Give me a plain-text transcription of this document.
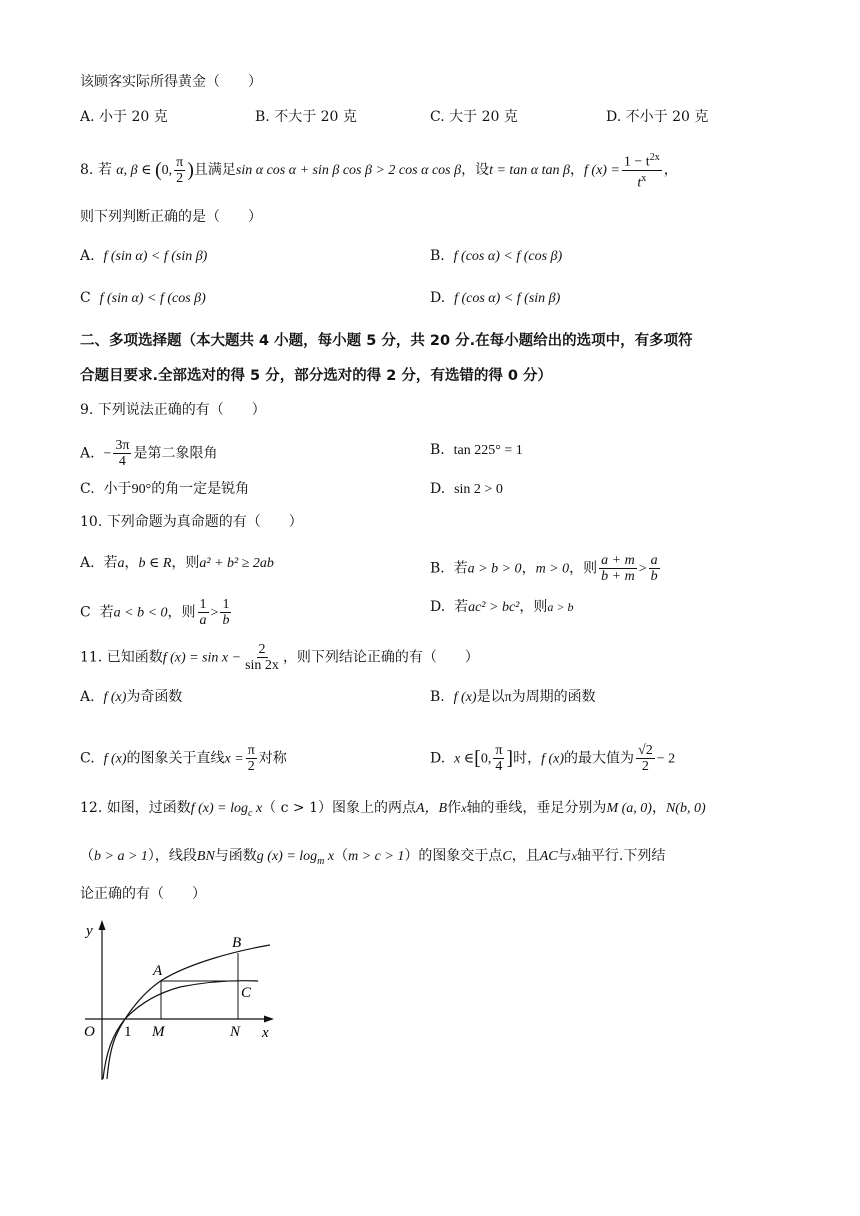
该顾客实际所得黄金（　　）
A. 小于 20 克	B. 不大于 20 克	C. 大于 20 克	D. 不小于 20 克
8. 若 α, β ∈ (0, $\frac{\pi}{2}$ )且满足sin α cos α + sin β cos β > 2 cos α cos β，设t = tan α tan β，f $(x) = \frac{1 - t^{2x}}{t^x}$ ，
则下列判断正确的是（　　）
A. f (sin α) < f (sin β)	B. f (cos α) < f (cos β)
C f (sin α) < f (cos β)	D. f (cos α) < f (sin β)
二、多项选择题（本大题共 4 小题，每小题 5 分，共 20 分.在每小题给出的选项中，有多项符
合题目要求.全部选对的得 5 分，部分选对的得 2 分，有选错的得 0 分）
9. 下列说法正确的有（　　）
A. − $\frac{3\pi}{4}$ 是第二象限角	B. tan 225° = 1
C. 小于90°的角一定是锐角	D. sin 2 > 0
10. 下列命题为真命题的有（　　）
A. 若a，b ∈ R，则a² + b² ≥ 2ab	B. 若a > b > 0，m > 0，则 $\frac{a + m}{b + m} > \frac{a}{b}$
C 若a < b < 0，则 $\frac{1}{a} > \frac{1}{b}$	D. 若ac² > bc²，则a > b
11. 已知函数f $(x) = \sin x - \frac{2}{\sin 2x}$ ，则下列结论正确的有（　　）
A. f (x)为奇函数	B. f (x)是以π为周期的函数
C. f (x)的图象关于直线$x = \frac{\pi}{2}$ 对称	D. x ∈[0, $\frac{\pi}{4}$ ]时，f (x)的最大值为 $\frac{√2}{2} - 2$
12. 如图，过函数f $(x) = \log_c x$（ c > 1）图象上的两点A，B作x轴的垂线，垂足分别为M (a, 0)，N(b, 0)
（b > a > 1），线段BN与函数g $(x) = \log_m x(m > c > 1)$的图象交于点C，且AC与x轴平行.下列结
论正确的有（　　）
y
x
O 1 M	N
A
B
C
